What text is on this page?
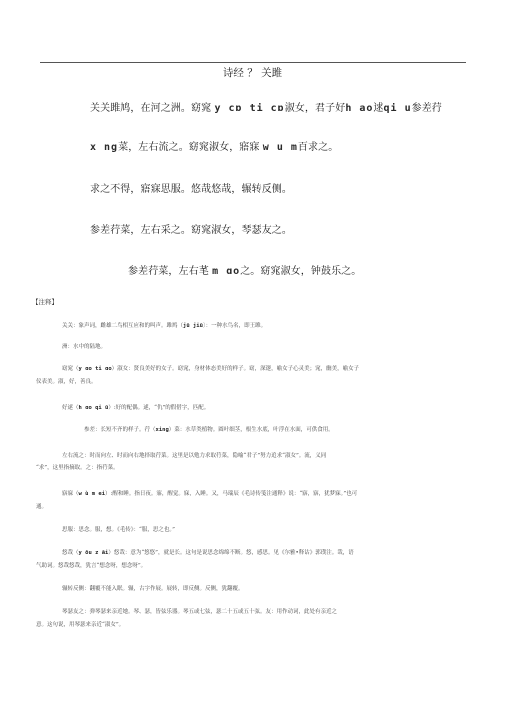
诗经 ？ 关雎
关关雎鸠，在河之洲。窈窕 y cɒ ti cɒ淑女，君子好h ao逑qi u参差荇
x ng菜，左右流之。窈窕淑女，寤寐 w u m百求之。
求之不得，寤寐思服。悠哉悠哉，辗转反侧。
参差荇菜，左右采之。窈窕淑女，琴瑟友之。
参差荇菜，左右芼 m ɑo之。窈窕淑女，钟鼓乐之。
【注释】
关关：象声词，雌雄二鸟相互应和的叫声。雎鸠（jū jiū〕：一种水鸟名，即王雎。
洲：水中的陆地。
窈窕（y ɑo ti ɑo）淑女：贤良美好的女子。窈窕，身材体态美好的样子。窈，深邃，喻女子心灵美；窕，幽美，喻女子
仪表美。淑，好，善良。
好逑（h ɑo qi ū）:好的配偶。逑，“仇”的假借字，匹配。
参差：长短不齐的样子。荇（xing）菜：水草类植物。圆叶细茎，根生水底，叶浮在水面，可供食用。
左右流之：时而向左、时而向右地择取荇菜。这里是以勉力求取荇菜，隐喻“君子”努力追求“淑女”。流，义同
“求”，这里指摘取。之：指荇菜。
寤寐（w ù m ei）:醒和睡。指日夜。寤，醒觉。寐，入睡。又，马瑞辰《毛诗传笺注通释》说：“寤，寤，犹梦寐。”也可
通。
思服：思念。服，想。《毛传》：“服，思之也。”
悠哉（y ōu z āi）悠哉：意为“悠悠”，就是长。这句是说思念绵绵不断。悠，感思。见《尔雅•释诂》郭璞注。哉，语
气助词。悠哉悠哉，犹言“想念呀，想念呀”。
辗转反侧：翻覆不能入眠。辗，古字作展。展转，即反侧。反侧，犹翻覆。
琴瑟友之：弹琴瑟来亲近她。琴、瑟，皆弦乐器。琴五或七弦，瑟二十五或五十弦。友：用作动词，此处有亲近之
意。这句说，用琴瑟来亲近“淑女”。
